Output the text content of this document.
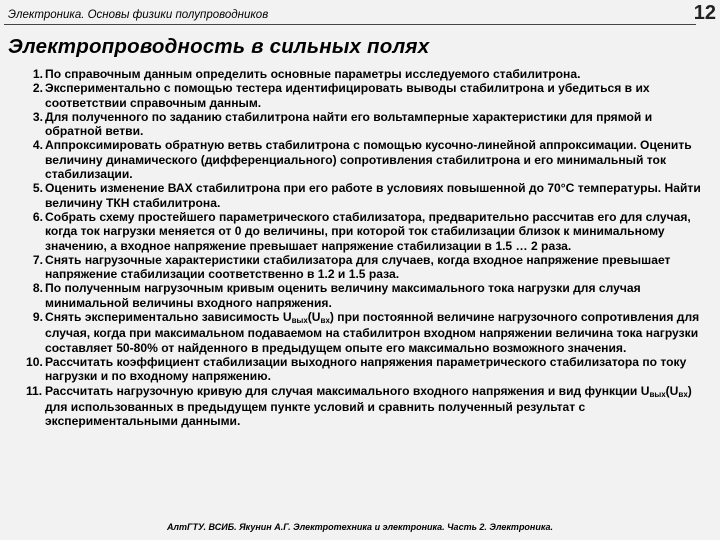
Электроника. Основы физики полупроводников	12
Электропроводность в сильных полях
1. По справочным данным определить основные параметры исследуемого стабилитрона.
2. Экспериментально с помощью тестера идентифицировать выводы стабилитрона и убедиться в их соответствии справочным данным.
3. Для полученного по заданию стабилитрона найти его вольтамперные характеристики для прямой и обратной ветви.
4. Аппроксимировать обратную ветвь стабилитрона с помощью кусочно-линейной аппроксимации. Оценить величину динамического (дифференциального) сопротивления стабилитрона и его минимальный ток стабилизации.
5. Оценить изменение ВАХ стабилитрона при его работе в условиях повышенной до 70°С температуры. Найти величину ТКН стабилитрона.
6. Собрать схему простейшего параметрического стабилизатора, предварительно рассчитав его для случая, когда ток нагрузки меняется от 0 до величины, при которой ток стабилизации близок к минимальному значению, а входное напряжение превышает напряжение стабилизации в 1.5 … 2 раза.
7. Снять нагрузочные характеристики стабилизатора для случаев, когда входное напряжение превышает напряжение стабилизации соответственно в 1.2 и 1.5 раза.
8. По полученным нагрузочным кривым оценить величину максимального тока нагрузки для случая минимальной величины входного напряжения.
9. Снять экспериментально зависимость $U_{вых}(U_{вх})$ при постоянной величине нагрузочного сопротивления для случая, когда при максимальном подаваемом на стабилитрон входном напряжении величина тока нагрузки составляет 50-80% от найденного в предыдущем опыте его максимально возможного значения.
10. Рассчитать коэффициент стабилизации выходного напряжения параметрического стабилизатора по току нагрузки и по входному напряжению.
11. Рассчитать нагрузочную кривую для случая максимального входного напряжения и вид функции $U_{вых}(U_{вх})$ для использованных в предыдущем пункте условий и сравнить полученный результат с экспериментальными данными.
АлтГТУ. ВСИБ. Якунин А.Г. Электротехника и электроника. Часть 2. Электроника.
